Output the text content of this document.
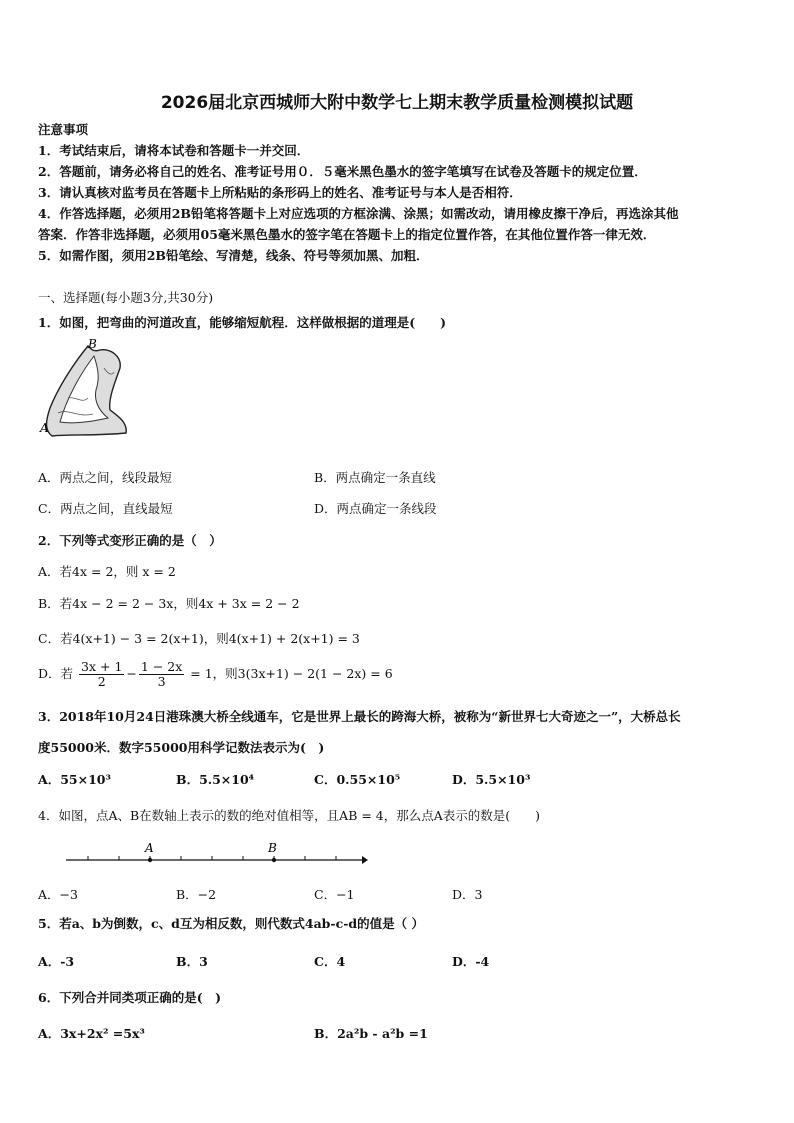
2026届北京西城师大附中数学七上期末教学质量检测模拟试题
注意事项
1．考试结束后，请将本试卷和答题卡一并交回．
2．答题前，请务必将自己的姓名、准考证号用０．５毫米黑色墨水的签字笔填写在试卷及答题卡的规定位置．
3．请认真核对监考员在答题卡上所粘贴的条形码上的姓名、准考证号与本人是否相符．
4．作答选择题，必须用2B铅笔将答题卡上对应选项的方框涂满、涂黑；如需改动，请用橡皮擦干净后，再选涂其他
答案．作答非选择题，必须用05毫米黑色墨水的签字笔在答题卡上的指定位置作答，在其他位置作答一律无效．
5．如需作图，须用2B铅笔绘、写清楚，线条、符号等须加黑、加粗．
一、选择题(每小题3分,共30分)
1．如图，把弯曲的河道改直，能够缩短航程．这样做根据的道理是(　　)
B
A
A．两点之间，线段最短	B．两点确定一条直线
C．两点之间，直线最短	D．两点确定一条线段
2．下列等式变形正确的是（　）
A．若4x = 2，则 x = 2
B．若4x − 2 = 2 − 3x，则4x + 3x = 2 − 2
C．若4(x+1) − 3 = 2(x+1)，则4(x+1) + 2(x+1) = 3
D．若 $\frac{3x + 1}{2} - \frac{1 - 2x}{3} = 1$，则3(3x+1) − 2(1 − 2x) = 6
3．2018年10月24日港珠澳大桥全线通车，它是世界上最长的跨海大桥，被称为“新世界七大奇迹之一”，大桥总长
度55000米．数字55000用科学记数法表示为(　)
A．55×10³	B．5.5×10⁴	C．0.55×10⁵	D．5.5×10³
4．如图，点A、B在数轴上表示的数的绝对值相等，且AB = 4，那么点A表示的数是(　　)
A	B
A．−3	B．−2	C．−1	D．3
5．若a、b为倒数，c、d互为相反数，则代数式4ab-c-d的值是（ ）
A．-3	B．3	C．4	D．-4
6．下列合并同类项正确的是(　)
A．3x+2x² =5x³	B．2a²b - a²b =1
